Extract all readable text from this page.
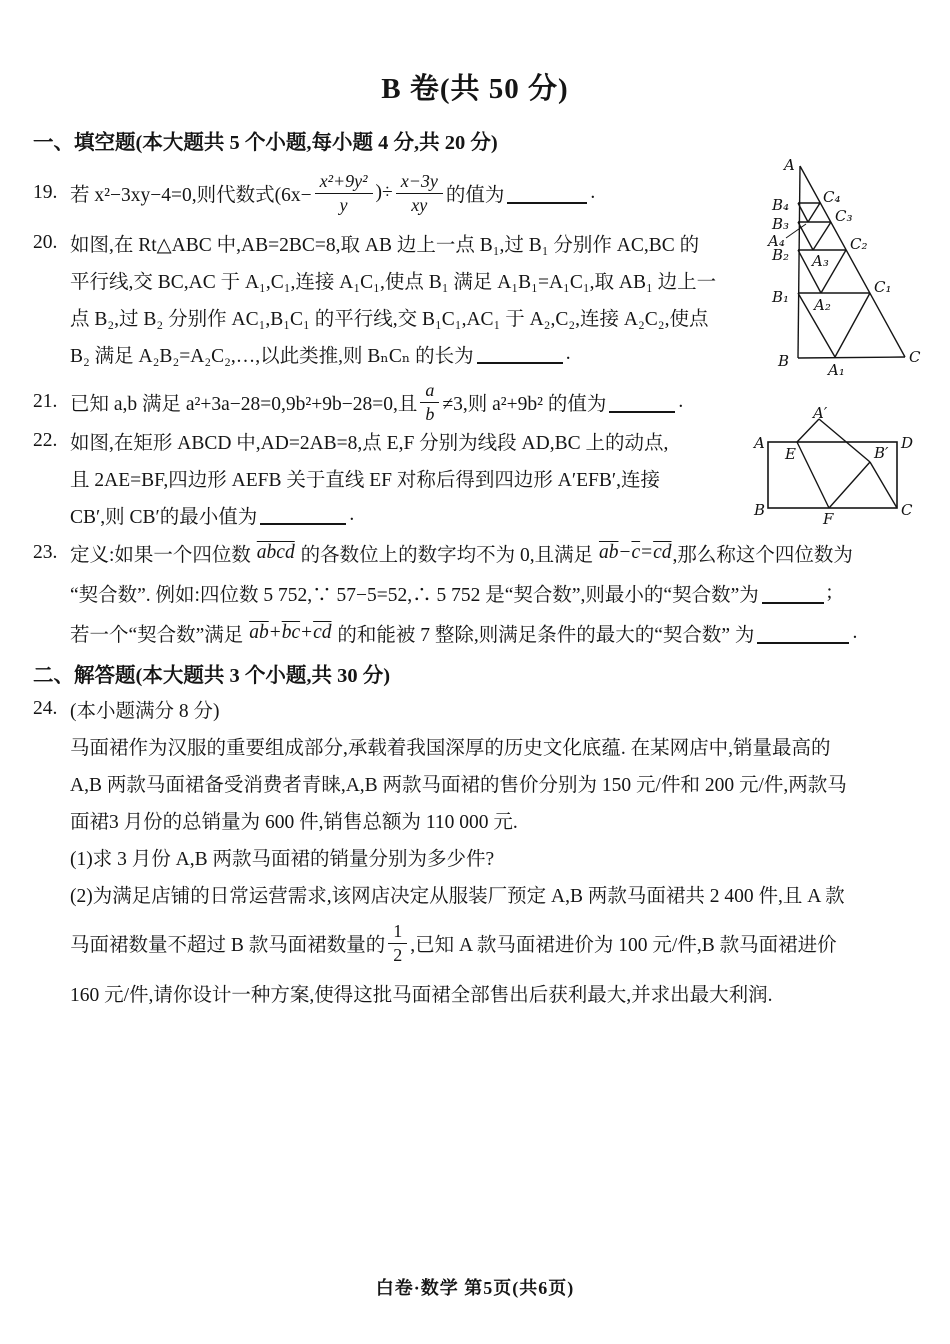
B 卷(共 50 分)
一、填空题(本大题共 5 个小题,每小题 4 分,共 20 分)
19. 若 x²−3xy−4=0,则代数式($6x- \frac{\text{x²+9y²}}{y}$ )÷ $\frac{x-3y}{xy}$ 的值为	.
20. 如图,在 Rt△ABC 中,AB=2BC=8,取 AB 边上一点 B₁,过 B₁ 分别作 AC,BC 的
平行线,交 BC,AC 于 A₁,C₁,连接 A₁C₁,使点 B₁ 满足 A₁B₁=A₁C₁,取 AB₁ 边上一
点 B₂,过 B₂ 分别作 AC₁,B₁C₁ 的平行线,交 B₁C₁,AC₁ 于 A₂,C₂,连接 A₂C₂,使点
B₂ 满足 A₂B₂=A₂C₂,…,以此类推,则 BₙCₙ 的长为	.
21. 已知 a,b 满足 a²+3a−28=0,9b²+9b−28=0,且 $\frac{a}{b} \ne 3$,则 a²+9b² 的值为	.
22. 如图,在矩形 ABCD 中,AD=2AB=8,点 E,F 分别为线段 AD,BC 上的动点,
且 2AE=BF,四边形 AEFB 关于直线 EF 对称后得到四边形 A′EFB′,连接
CB′,则 CB′的最小值为	.
23. 定义:如果一个四位数 abcd 的各数位上的数字均不为 0,且满足 $\overline{ab} - \overline{c} = \overline{cd}$ ,那么称这个四位数为
“契合数”. 例如:四位数 5 752,∵ 57−5=52,∴ 5 752 是“契合数”,则最小的“契合数”为	;
若一个“契合数”满足 $\overline{ab} + \overline{bc} + \overline{cd}$ 的和能被 7 整除,则满足条件的最大的“契合数” 为	.
二、解答题(本大题共 3 个小题,共 30 分)
24. (本小题满分 8 分)
马面裙作为汉服的重要组成部分,承载着我国深厚的历史文化底蕴. 在某网店中,销量最高的
A,B 两款马面裙备受消费者青睐,A,B 两款马面裙的售价分别为 150 元/件和 200 元/件,两款马
面裙3 月份的总销量为 600 件,销售总额为 110 000 元.
(1)求 3 月份 A,B 两款马面裙的销量分别为多少件?
(2)为满足店铺的日常运营需求,该网店决定从服装厂预定 A,B 两款马面裙共 2 400 件,且 A 款
马面裙数量不超过 B 款马面裙数量的 $\frac{1}{2}$ ,已知 A 款马面裙进价为 100 元/件,B 款马面裙进价
160 元/件,请你设计一种方案,使得这批马面裙全部售出后获利最大,并求出最大利润.
A
B₄ C₄
B₃	C₃
A₄
B₂
C₂
A₃
B₁
C₁
A₂
B	A₁
C
A′
A	D
E	B′
B	F	C
白卷·数学 第5页(共6页)
